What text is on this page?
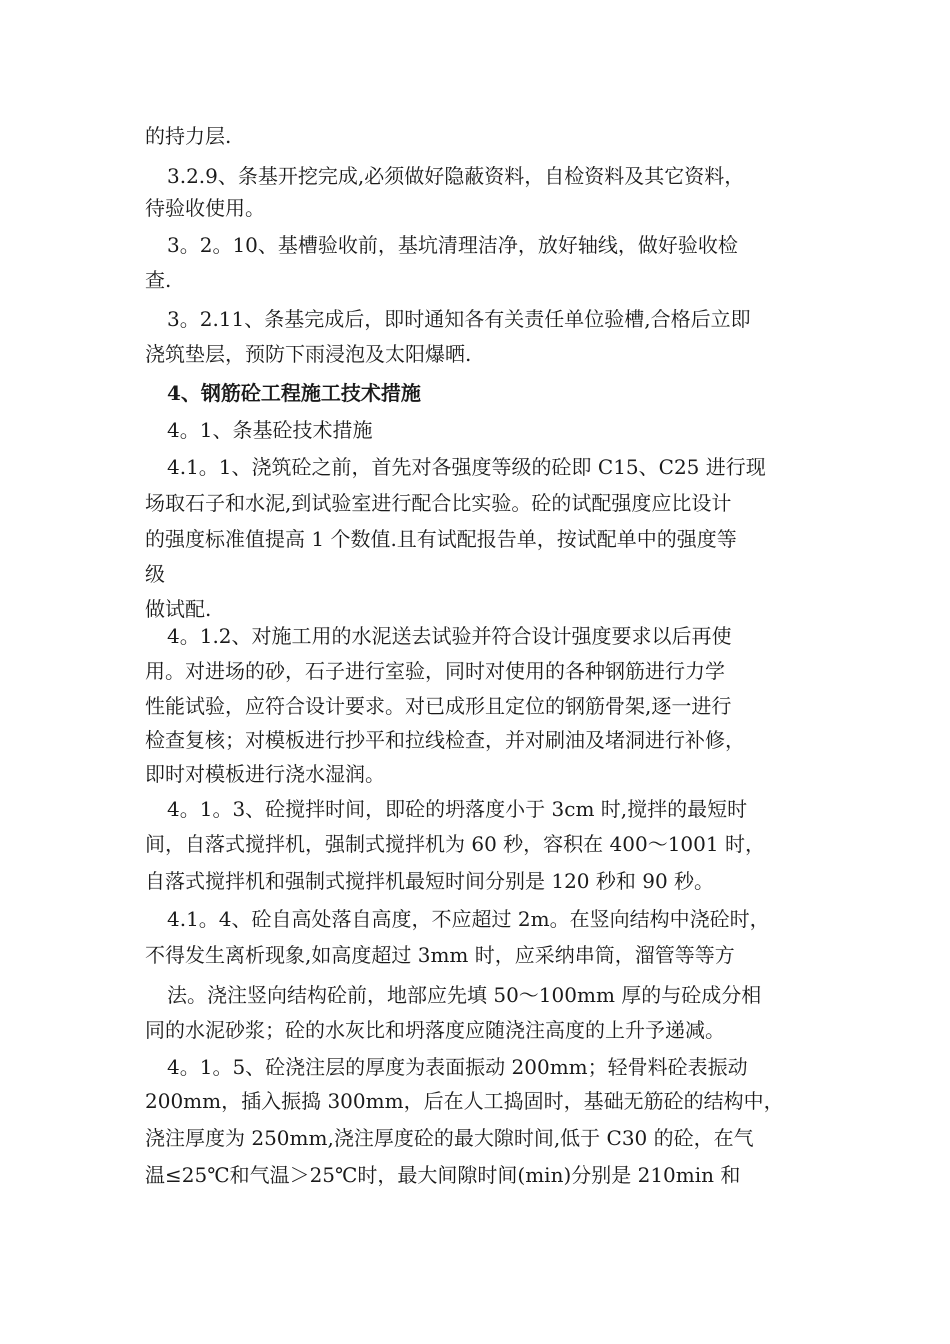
的持力层.
3.2.9、条基开挖完成,必须做好隐蔽资料，自检资料及其它资料，
待验收使用。
3。2。10、基槽验收前，基坑清理洁净，放好轴线，做好验收检
查.
3。2.11、条基完成后，即时通知各有关责任单位验槽,合格后立即
浇筑垫层，预防下雨浸泡及太阳爆晒.
4、钢筋砼工程施工技术措施
4。1、条基砼技术措施
4.1。1、浇筑砼之前，首先对各强度等级的砼即 C15、C25 进行现
场取石子和水泥,到试验室进行配合比实验。砼的试配强度应比设计
的强度标准值提高 1 个数值.且有试配报告单，按试配单中的强度等
级
做试配.
4。1.2、对施工用的水泥送去试验并符合设计强度要求以后再使
用。对进场的砂，石子进行室验，同时对使用的各种钢筋进行力学
性能试验，应符合设计要求。对已成形且定位的钢筋骨架,逐一进行
检查复核；对模板进行抄平和拉线检查，并对刷油及堵洞进行补修，
即时对模板进行浇水湿润。
4。1。3、砼搅拌时间，即砼的坍落度小于 3cm 时,搅拌的最短时
间，自落式搅拌机，强制式搅拌机为 60 秒，容积在 400～1001 时，
自落式搅拌机和强制式搅拌机最短时间分别是 120 秒和 90 秒。
4.1。4、砼自高处落自高度，不应超过 2m。在竖向结构中浇砼时，
不得发生离析现象,如高度超过 3mm 时，应采纳串筒，溜管等等方
法。浇注竖向结构砼前，地部应先填 50～100mm 厚的与砼成分相
同的水泥砂浆；砼的水灰比和坍落度应随浇注高度的上升予递减。
4。1。5、砼浇注层的厚度为表面振动 200mm；轻骨料砼表振动
200mm，插入振捣 300mm，后在人工捣固时，基础无筋砼的结构中，
浇注厚度为 250mm,浇注厚度砼的最大隙时间,低于 C30 的砼，在气
温≤25℃和气温＞25℃时，最大间隙时间(min)分别是 210min 和
